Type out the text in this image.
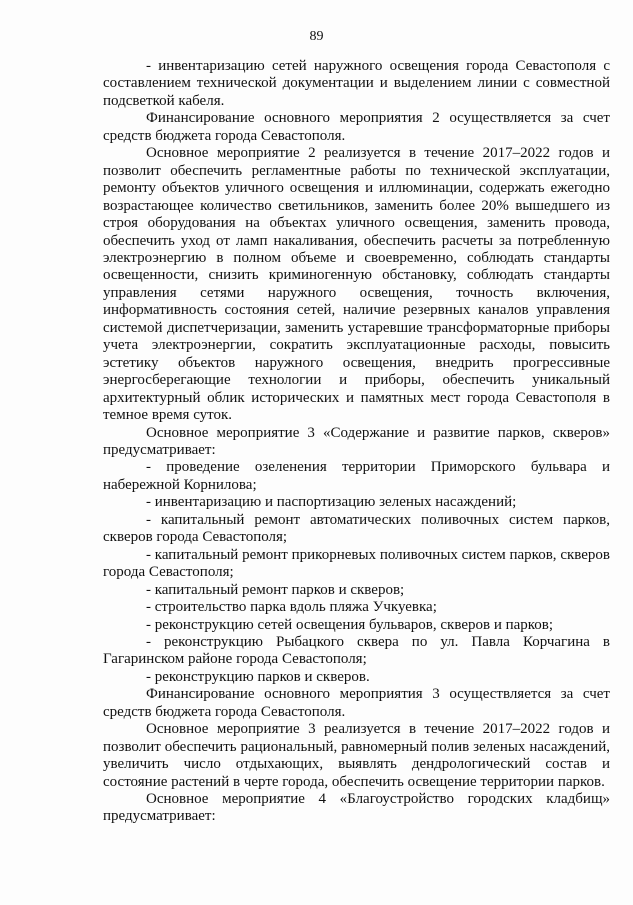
89

- инвентаризацию сетей наружного освещения города Севастополя с составлением технической документации и выделением линии с совместной подсветкой кабеля.

Финансирование основного мероприятия 2 осуществляется за счет средств бюджета города Севастополя.

Основное мероприятие 2 реализуется в течение 2017–2022 годов и позволит обеспечить регламентные работы по технической эксплуатации, ремонту объектов уличного освещения и иллюминации, содержать ежегодно возрастающее количество светильников, заменить более 20% вышедшего из строя оборудования на объектах уличного освещения, заменить провода, обеспечить уход от ламп накаливания, обеспечить расчеты за потребленную электроэнергию в полном объеме и своевременно, соблюдать стандарты освещенности, снизить криминогенную обстановку, соблюдать стандарты управления сетями наружного освещения, точность включения, информативность состояния сетей, наличие резервных каналов управления системой диспетчеризации, заменить устаревшие трансформаторные приборы учета электроэнергии, сократить эксплуатационные расходы, повысить эстетику объектов наружного освещения, внедрить прогрессивные энергосберегающие технологии и приборы, обеспечить уникальный архитектурный облик исторических и памятных мест города Севастополя в темное время суток.

Основное мероприятие 3 «Содержание и развитие парков, скверов» предусматривает:

- проведение озеленения территории Приморского бульвара и набережной Корнилова;

- инвентаризацию и паспортизацию зеленых насаждений;

- капитальный ремонт автоматических поливочных систем парков, скверов города Севастополя;

- капитальный ремонт прикорневых поливочных систем парков, скверов города Севастополя;

- капитальный ремонт парков и скверов;

- строительство парка вдоль пляжа Учкуевка;

- реконструкцию сетей освещения бульваров, скверов и парков;

- реконструкцию Рыбацкого сквера по ул. Павла Корчагина в Гагаринском районе города Севастополя;

- реконструкцию парков и скверов.

Финансирование основного мероприятия 3 осуществляется за счет средств бюджета города Севастополя.

Основное мероприятие 3 реализуется в течение 2017–2022 годов и позволит обеспечить рациональный, равномерный полив зеленых насаждений, увеличить число отдыхающих, выявлять дендрологический состав и состояние растений в черте города, обеспечить освещение территории парков.

Основное мероприятие 4 «Благоустройство городских кладбищ» предусматривает:
